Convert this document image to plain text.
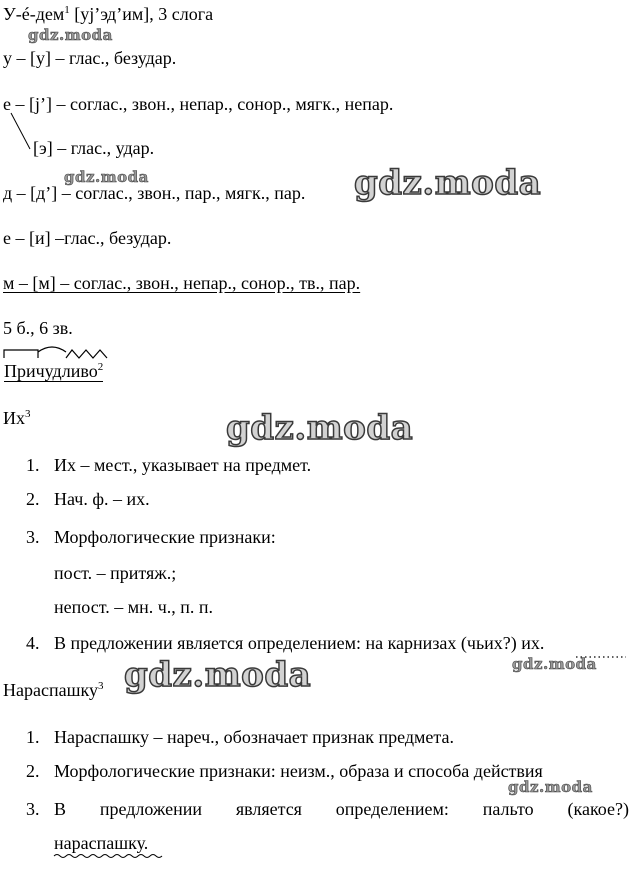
У-é-дем$^1$ [уj’эд’им], 3 слога
у – [у] – глас., безудар.
е – [j’] – соглас., звон., непар., сонор., мягк., непар.
[э] – глас., удар.
д – [д’] – соглас., звон., пар., мягк., пар.
е – [и] –глас., безудар.
м – [м] – соглас., звон., непар., сонор., тв., пар.
5 б., 6 зв.
Причудливо$^2$
$Их^3$
1. Их – мест., указывает на предмет.
2. Нач. ф. – их.
3. Морфологические признаки:
пост. – притяж.;
непост. – мн. ч., п. п.
4. В предложении является определением: на карнизах (чьих?) их.
Нараспашку$^3$
1. Нараспашку – нареч., обозначает признак предмета.
2. Морфологические признаки: неизм., образа и способа действия
3. В предложении является определением: пальто (какое?)
нараспашку.
gdz.moda
gdz.moda	gdz.moda
gdz.moda
gdz.moda	gdz.moda
gdz.moda
